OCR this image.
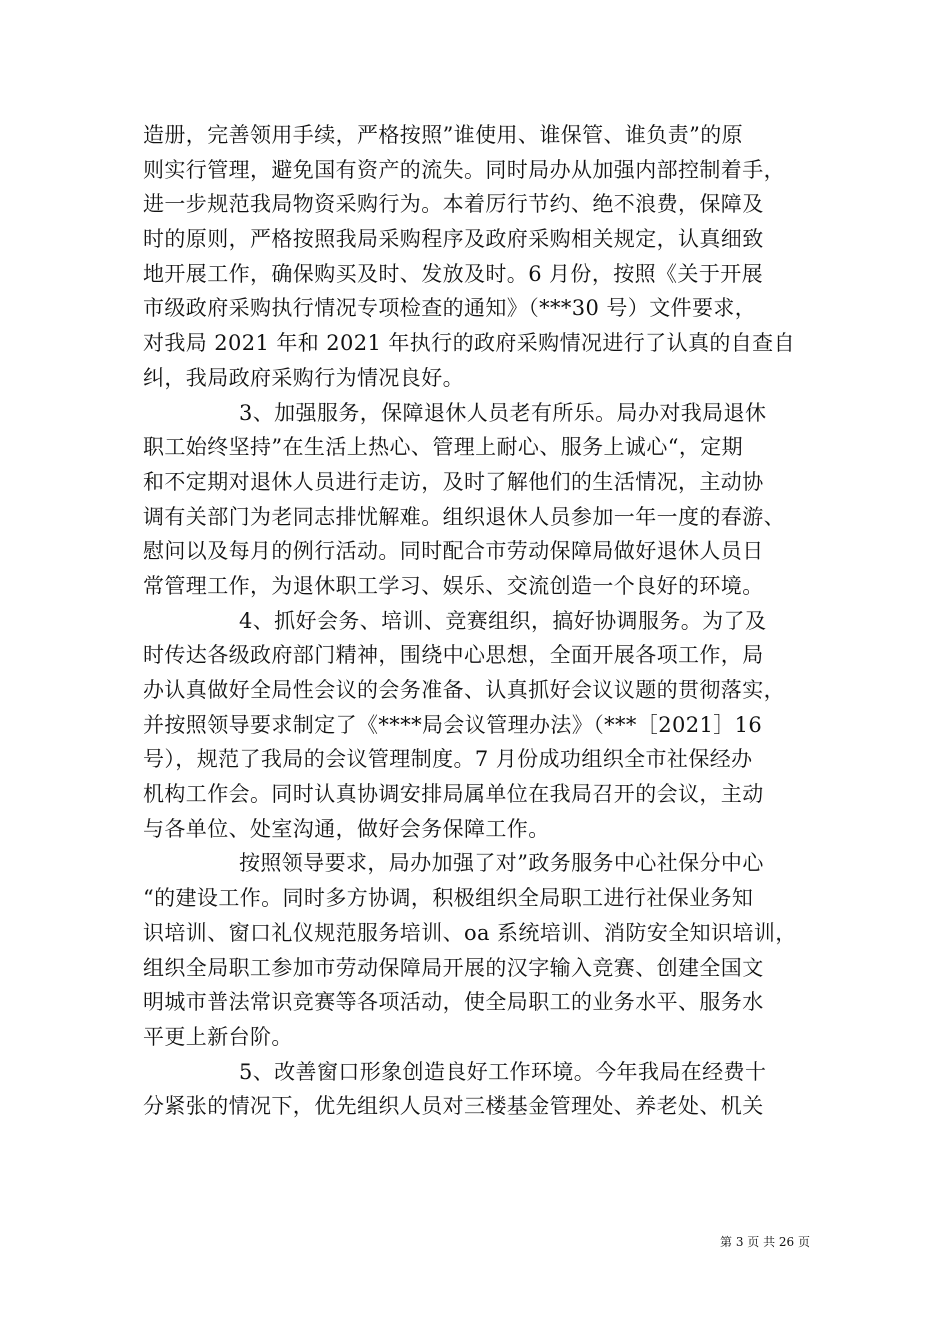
造册，完善领用手续，严格按照”谁使用、谁保管、谁负责”的原
则实行管理，避免国有资产的流失。同时局办从加强内部控制着手，
进一步规范我局物资采购行为。本着厉行节约、绝不浪费，保障及
时的原则，严格按照我局采购程序及政府采购相关规定，认真细致
地开展工作，确保购买及时、发放及时。6 月份，按照《关于开展
市级政府采购执行情况专项检查的通知》（***30 号）文件要求，
对我局 2021 年和 2021 年执行的政府采购情况进行了认真的自查自
纠，我局政府采购行为情况良好。
3、加强服务，保障退休人员老有所乐。局办对我局退休
职工始终坚持”在生活上热心、管理上耐心、服务上诚心“，定期
和不定期对退休人员进行走访，及时了解他们的生活情况，主动协
调有关部门为老同志排忧解难。组织退休人员参加一年一度的春游、
慰问以及每月的例行活动。同时配合市劳动保障局做好退休人员日
常管理工作，为退休职工学习、娱乐、交流创造一个良好的环境。
4、抓好会务、培训、竞赛组织，搞好协调服务。为了及
时传达各级政府部门精神，围绕中心思想，全面开展各项工作，局
办认真做好全局性会议的会务准备、认真抓好会议议题的贯彻落实，
并按照领导要求制定了《****局会议管理办法》（***［2021］16
号），规范了我局的会议管理制度。7 月份成功组织全市社保经办
机构工作会。同时认真协调安排局属单位在我局召开的会议，主动
与各单位、处室沟通，做好会务保障工作。
按照领导要求，局办加强了对”政务服务中心社保分中心
“的建设工作。同时多方协调，积极组织全局职工进行社保业务知
识培训、窗口礼仪规范服务培训、oa 系统培训、消防安全知识培训，
组织全局职工参加市劳动保障局开展的汉字输入竞赛、创建全国文
明城市普法常识竞赛等各项活动，使全局职工的业务水平、服务水
平更上新台阶。
5、改善窗口形象创造良好工作环境。今年我局在经费十
分紧张的情况下，优先组织人员对三楼基金管理处、养老处、机关
第 3 页 共 26 页
